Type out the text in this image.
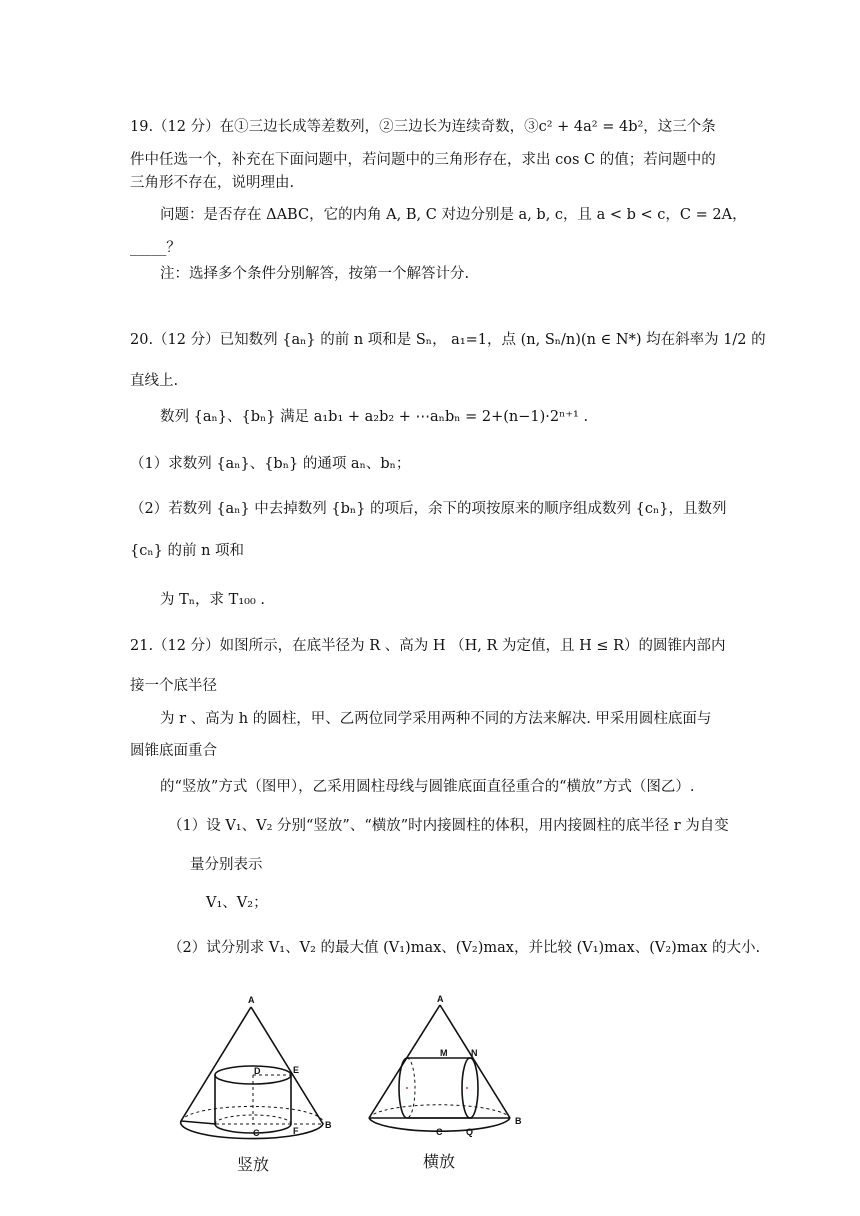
19.（12 分）在①三边长成等差数列，②三边长为连续奇数，③c² + 4a² = 4b²，这三个条
件中任选一个，补充在下面问题中，若问题中的三角形存在，求出 cos C 的值；若问题中的
三角形不存在，说明理由.
问题：是否存在 ΔABC，它的内角 A, B, C 对边分别是 a, b, c，且 a < b < c，C = 2A，
_____？
注：选择多个条件分别解答，按第一个解答计分.
20.（12 分）已知数列 {aₙ} 的前 n 项和是 Sₙ， a₁=1，点 (n, Sₙ/n)(n ∈ N*) 均在斜率为 1/2 的
直线上.
数列 {aₙ}、{bₙ} 满足 a₁b₁ + a₂b₂ + ⋯aₙbₙ = 2+(n−1)·2ⁿ⁺¹ .
（1）求数列 {aₙ}、{bₙ} 的通项 aₙ、bₙ；
（2）若数列 {aₙ} 中去掉数列 {bₙ} 的项后，余下的项按原来的顺序组成数列 {cₙ}，且数列
{cₙ} 的前 n 项和
为 Tₙ，求 T₁₀₀ .
21.（12 分）如图所示，在底半径为 R 、高为 H （H, R 为定值，且 H ≤ R）的圆锥内部内
接一个底半径
为 r 、高为 h 的圆柱，甲、乙两位同学采用两种不同的方法来解决. 甲采用圆柱底面与
圆锥底面重合
的“竖放”方式（图甲），乙采用圆柱母线与圆锥底面直径重合的“横放”方式（图乙）.
（1）设 V₁、V₂ 分别“竖放”、“横放”时内接圆柱的体积，用内接圆柱的底半径 r 为自变
量分别表示
V₁、V₂；
（2）试分别求 V₁、V₂ 的最大值 (V₁)max、(V₂)max，并比较 (V₁)max、(V₂)max 的大小.
A
D	E
B
C	F
A
M	N
B
C	Q
竖放	横放
